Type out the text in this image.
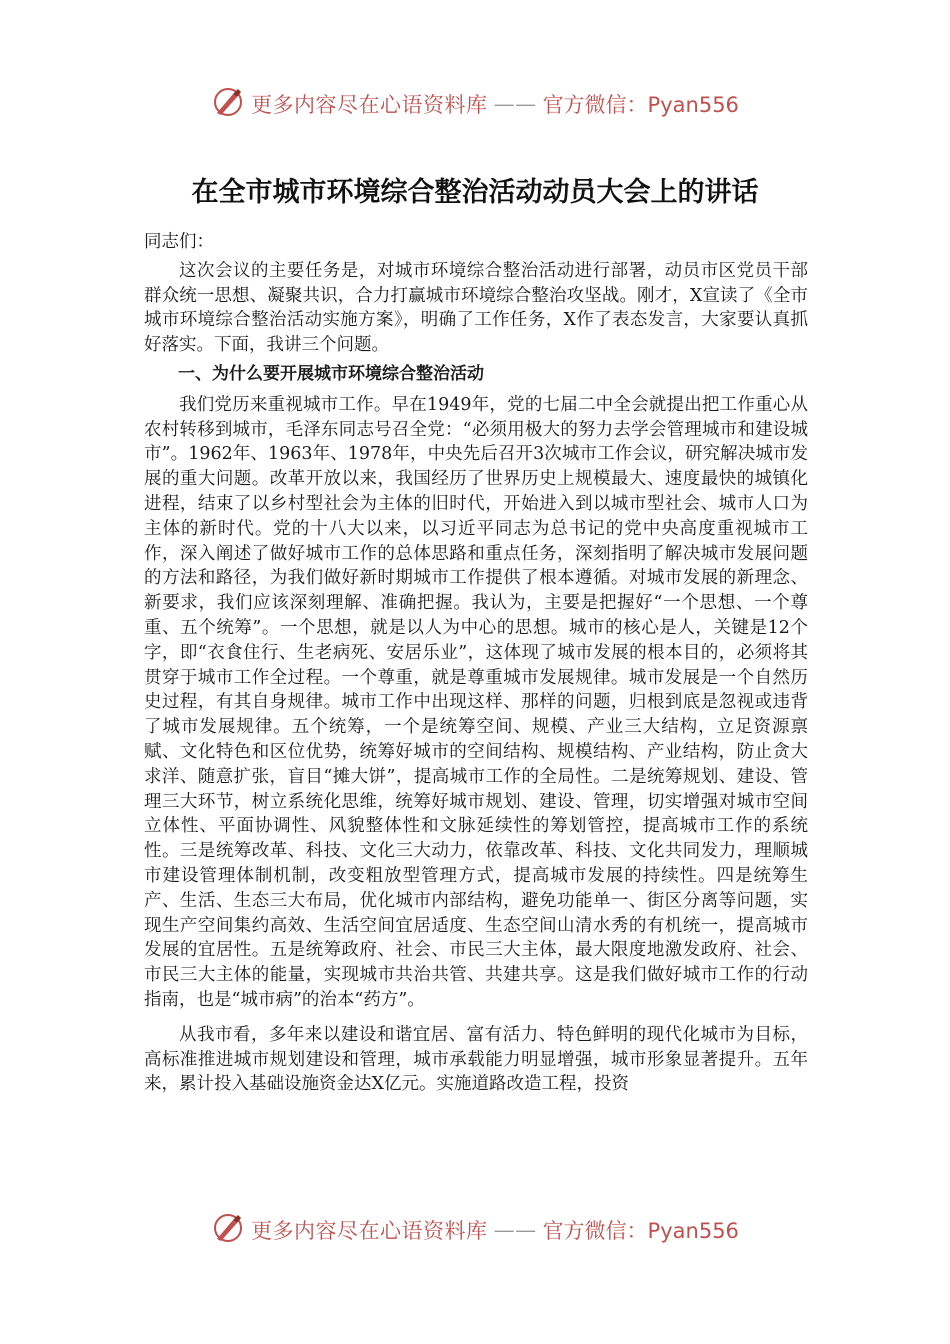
更多内容尽在心语资料库 —— 官方微信：Pyan556
在全市城市环境综合整治活动动员大会上的讲话

同志们：

这次会议的主要任务是，对城市环境综合整治活动进行部署，动员市区党员干部群众统一思想、凝聚共识，合力打赢城市环境综合整治攻坚战。刚才，X宣读了《全市城市环境综合整治活动实施方案》，明确了工作任务，X作了表态发言，大家要认真抓好落实。下面，我讲三个问题。

一、为什么要开展城市环境综合整治活动

我们党历来重视城市工作。早在1949年，党的七届二中全会就提出把工作重心从农村转移到城市，毛泽东同志号召全党：“必须用极大的努力去学会管理城市和建设城市”。1962年、1963年、1978年，中央先后召开3次城市工作会议，研究解决城市发展的重大问题。改革开放以来，我国经历了世界历史上规模最大、速度最快的城镇化进程，结束了以乡村型社会为主体的旧时代，开始进入到以城市型社会、城市人口为主体的新时代。党的十八大以来，以习近平同志为总书记的党中央高度重视城市工作，深入阐述了做好城市工作的总体思路和重点任务，深刻指明了解决城市发展问题的方法和路径，为我们做好新时期城市工作提供了根本遵循。对城市发展的新理念、新要求，我们应该深刻理解、准确把握。我认为，主要是把握好“一个思想、一个尊重、五个统筹”。一个思想，就是以人为中心的思想。城市的核心是人，关键是12个字，即“衣食住行、生老病死、安居乐业”，这体现了城市发展的根本目的，必须将其贯穿于城市工作全过程。一个尊重，就是尊重城市发展规律。城市发展是一个自然历史过程，有其自身规律。城市工作中出现这样、那样的问题，归根到底是忽视或违背了城市发展规律。五个统筹，一个是统筹空间、规模、产业三大结构，立足资源禀赋、文化特色和区位优势，统筹好城市的空间结构、规模结构、产业结构，防止贪大求洋、随意扩张，盲目“摊大饼”，提高城市工作的全局性。二是统筹规划、建设、管理三大环节，树立系统化思维，统筹好城市规划、建设、管理，切实增强对城市空间立体性、平面协调性、风貌整体性和文脉延续性的筹划管控，提高城市工作的系统性。三是统筹改革、科技、文化三大动力，依靠改革、科技、文化共同发力，理顺城市建设管理体制机制，改变粗放型管理方式，提高城市发展的持续性。四是统筹生产、生活、生态三大布局，优化城市内部结构，避免功能单一、街区分离等问题，实现生产空间集约高效、生活空间宜居适度、生态空间山清水秀的有机统一，提高城市发展的宜居性。五是统筹政府、社会、市民三大主体，最大限度地激发政府、社会、市民三大主体的能量，实现城市共治共管、共建共享。这是我们做好城市工作的行动指南，也是“城市病”的治本“药方”。

从我市看，多年来以建设和谐宜居、富有活力、特色鲜明的现代化城市为目标，高标准推进城市规划建设和管理，城市承载能力明显增强，城市形象显著提升。五年来，累计投入基础设施资金达X亿元。实施道路改造工程，投资

更多内容尽在心语资料库 —— 官方微信：Pyan556
